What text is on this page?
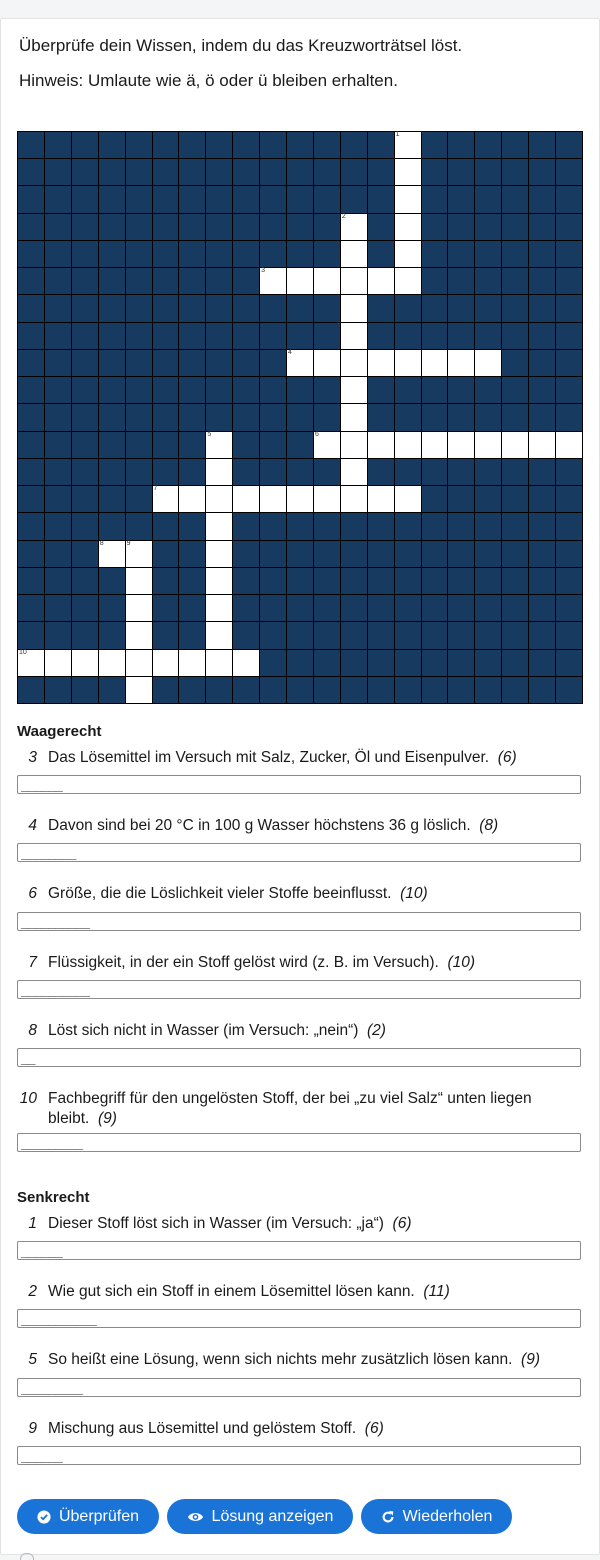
Überprüfe dein Wissen, indem du das Kreuzworträtsel löst.
Hinweis: Umlaute wie ä, ö oder ü bleiben erhalten.
1
2
3
4
5	6
7
8	9
10
Waagerecht
3 Das Lösemittel im Versuch mit Salz, Zucker, Öl und Eisenpulver. (6)
______
4 Davon sind bei 20 °C in 100 g Wasser höchstens 36 g löslich. (8)
________
6 Größe, die die Löslichkeit vieler Stoffe beeinflusst. (10)
__________
7 Flüssigkeit, in der ein Stoff gelöst wird (z. B. im Versuch). (10)
__________
8 Löst sich nicht in Wasser (im Versuch: „nein“) (2)
__
10 Fachbegriff für den ungelösten Stoff, der bei „zu viel Salz“ unten liegen bleibt. (9)
_________
Senkrecht
1 Dieser Stoff löst sich in Wasser (im Versuch: „ja“) (6)
______
2 Wie gut sich ein Stoff in einem Lösemittel lösen kann. (11)
___________
5 So heißt eine Lösung, wenn sich nichts mehr zusätzlich lösen kann. (9)
_________
9 Mischung aus Lösemittel und gelöstem Stoff. (6)
______
Überprüfen	Lösung anzeigen	Wiederholen
